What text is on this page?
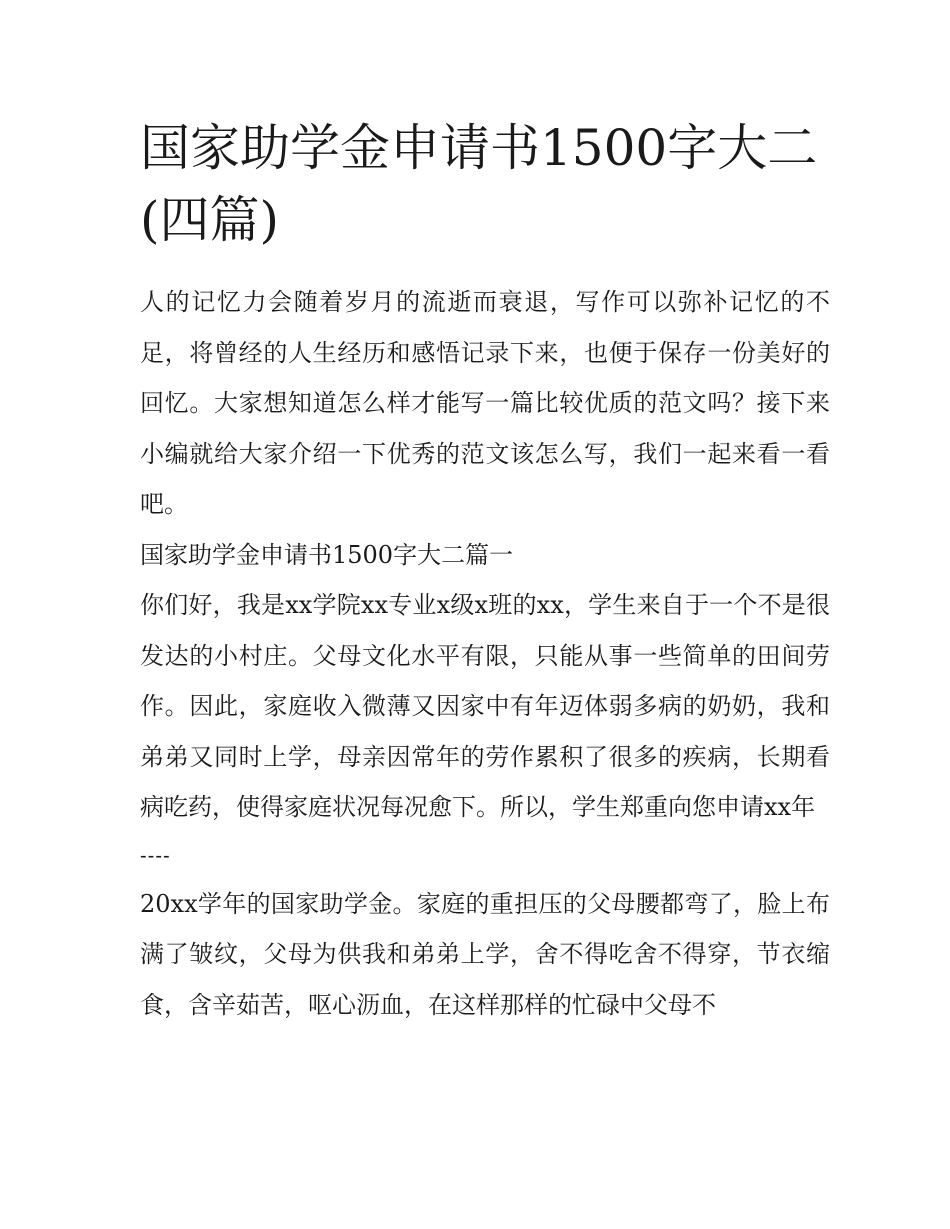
国家助学金申请书1500字大二(四篇)

人的记忆力会随着岁月的流逝而衰退，写作可以弥补记忆的不足，将曾经的人生经历和感悟记录下来，也便于保存一份美好的回忆。大家想知道怎么样才能写一篇比较优质的范文吗？接下来小编就给大家介绍一下优秀的范文该怎么写，我们一起来看一看吧。

国家助学金申请书1500字大二篇一

你们好，我是xx学院xx专业x级x班的xx，学生来自于一个不是很发达的小村庄。父母文化水平有限，只能从事一些简单的田间劳作。因此，家庭收入微薄又因家中有年迈体弱多病的奶奶，我和弟弟又同时上学，母亲因常年的劳作累积了很多的疾病，长期看病吃药，使得家庭状况每况愈下。所以，学生郑重向您申请xx年

----

20xx学年的国家助学金。家庭的重担压的父母腰都弯了，脸上布满了皱纹，父母为供我和弟弟上学，舍不得吃舍不得穿，节衣缩食，含辛茹苦，呕心沥血，在这样那样的忙碌中父母不
